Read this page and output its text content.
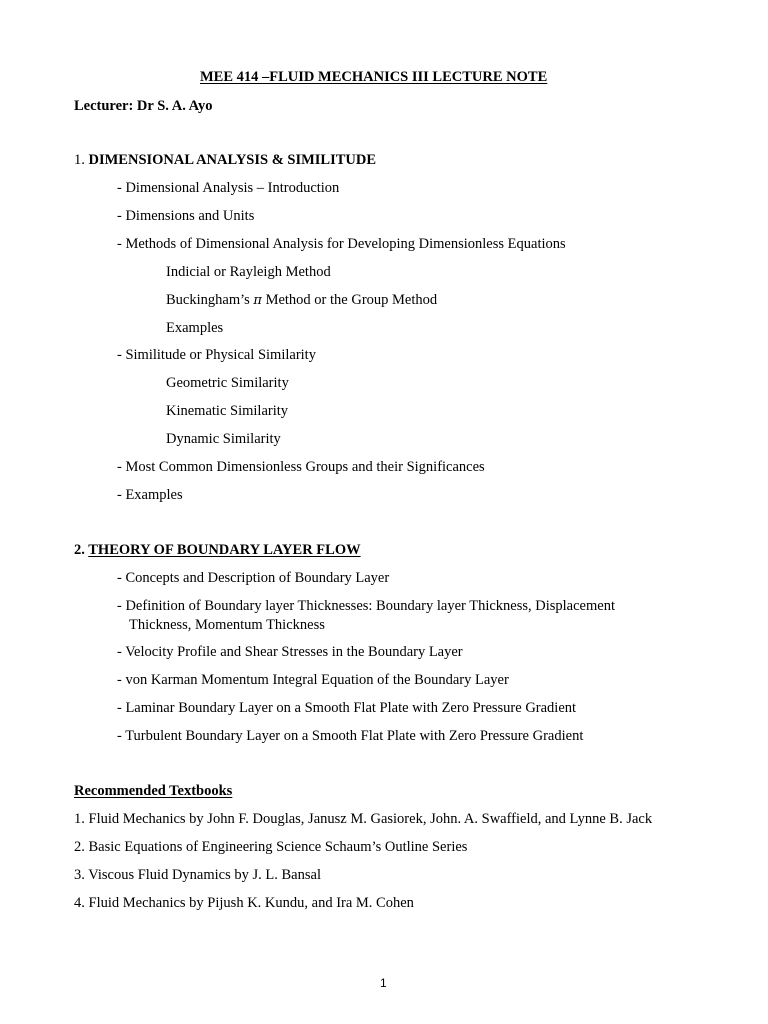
MEE 414 –FLUID MECHANICS III LECTURE NOTE
Lecturer: Dr S. A. Ayo
1. DIMENSIONAL ANALYSIS & SIMILITUDE
- Dimensional Analysis – Introduction
- Dimensions and Units
- Methods of Dimensional Analysis for Developing Dimensionless Equations
Indicial or Rayleigh Method
Buckingham’s π Method or the Group Method
Examples
- Similitude or Physical Similarity
Geometric Similarity
Kinematic Similarity
Dynamic Similarity
- Most Common Dimensionless Groups and their Significances
- Examples
2. THEORY OF BOUNDARY LAYER FLOW
- Concepts and Description of Boundary Layer
- Definition of Boundary layer Thicknesses: Boundary layer Thickness, Displacement
Thickness, Momentum Thickness
- Velocity Profile and Shear Stresses in the Boundary Layer
- von Karman Momentum Integral Equation of the Boundary Layer
- Laminar Boundary Layer on a Smooth Flat Plate with Zero Pressure Gradient
- Turbulent Boundary Layer on a Smooth Flat Plate with Zero Pressure Gradient
Recommended Textbooks
1. Fluid Mechanics by John F. Douglas, Janusz M. Gasiorek, John. A. Swaffield, and Lynne B. Jack
2. Basic Equations of Engineering Science Schaum’s Outline Series
3. Viscous Fluid Dynamics by J. L. Bansal
4. Fluid Mechanics by Pijush K. Kundu, and Ira M. Cohen
1
